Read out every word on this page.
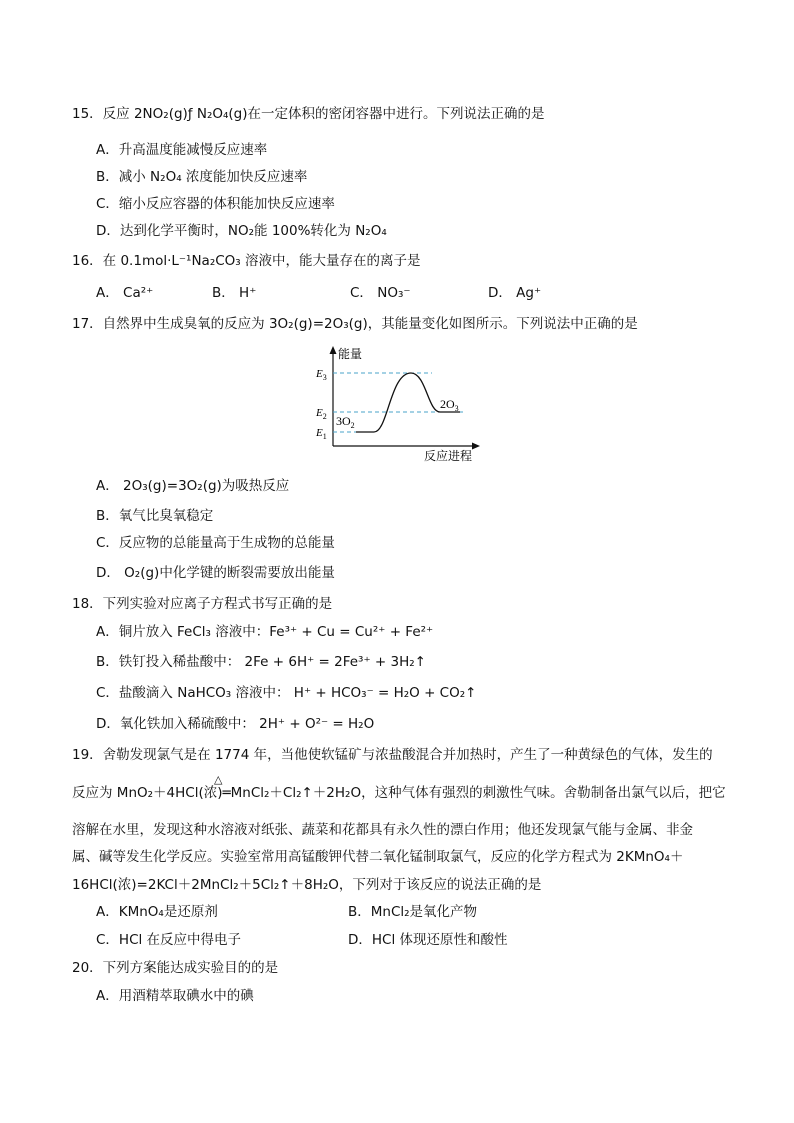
15．反应 2NO₂(g)ƒ N₂O₄(g)在一定体积的密闭容器中进行。下列说法正确的是
A．升高温度能减慢反应速率
B．减小 N₂O₄ 浓度能加快反应速率
C．缩小反应容器的体积能加快反应速率
D．达到化学平衡时，NO₂能 100%转化为 N₂O₄
16．在 0.1mol·L⁻¹Na₂CO₃ 溶液中，能大量存在的离子是
A． Ca²⁺	B． H⁺	C． NO₃⁻	D． Ag⁺
17．自然界中生成臭氧的反应为 3O₂(g)=2O₃(g)，其能量变化如图所示。下列说法中正确的是
能量
$E_3$
$E_2$
$E_1$
$3O_2$
$2O_3$
反应进程
A． 2O₃(g)=3O₂(g)为吸热反应
B．氧气比臭氧稳定
C．反应物的总能量高于生成物的总能量
D． O₂(g)中化学键的断裂需要放出能量
18．下列实验对应离子方程式书写正确的是
A．铜片放入 FeCl₃ 溶液中：Fe³⁺ + Cu = Cu²⁺ + Fe²⁺
B．铁钉投入稀盐酸中： 2Fe + 6H⁺ = 2Fe³⁺ + 3H₂↑
C．盐酸滴入 NaHCO₃ 溶液中： H⁺ + HCO₃⁻ = H₂O + CO₂↑
D．氧化铁加入稀硫酸中： 2H⁺ + O²⁻ = H₂O
19．舍勒发现氯气是在 1774 年，当他使软锰矿与浓盐酸混合并加热时，产生了一种黄绿色的气体，发生的
△
反应为 MnO₂＋4HCl(浓)═MnCl₂＋Cl₂↑＋2H₂O，这种气体有强烈的刺激性气味。舍勒制备出氯气以后，把它
溶解在水里，发现这种水溶液对纸张、蔬菜和花都具有永久性的漂白作用；他还发现氯气能与金属、非金
属、碱等发生化学反应。实验室常用高锰酸钾代替二氧化锰制取氯气，反应的化学方程式为 2KMnO₄＋
16HCl(浓)=2KCl＋2MnCl₂＋5Cl₂↑＋8H₂O，下列对于该反应的说法正确的是
A．KMnO₄是还原剂	B．MnCl₂是氧化产物
C．HCl 在反应中得电子	D．HCl 体现还原性和酸性
20．下列方案能达成实验目的的是
A．用酒精萃取碘水中的碘
